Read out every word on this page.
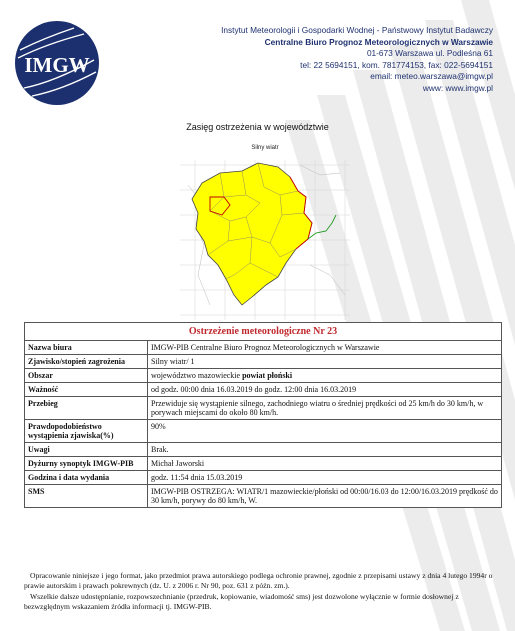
IMGW
Instytut Meteorologii i Gospodarki Wodnej - Państwowy Instytut Badawczy
Centralne Biuro Prognoz Meteorologicznych w Warszawie
01-673 Warszawa ul. Podleśna 61
tel: 22 5694151, kom. 781774153, fax: 022-5694151
email: meteo.warszawa@imgw.pl
www: www.imgw.pl
Zasięg ostrzeżenia w województwie
Silny wiatr
Ostrzeżenie meteorologiczne Nr 23	
Nazwa biura	IMGW-PIB Centralne Biuro Prognoz Meteorologicznych w Warszawie
Zjawisko/stopień zagrożenia	Silny wiatr/ 1
Obszar	województwo mazowieckie powiat płoński
Ważność	od godz. 00:00 dnia 16.03.2019 do godz. 12:00 dnia 16.03.2019
Przebieg	Przewiduje się wystąpienie silnego, zachodniego wiatru o średniej prędkości od 25 km/h do 30 km/h, w porywach miejscami do około 80 km/h.
Prawdopodobieństwo wystąpienia zjawiska(%)	90%
Uwagi	Brak.
Dyżurny synoptyk IMGW-PIB	Michał Jaworski
Godzina i data wydania	godz. 11:54 dnia 15.03.2019
SMS	IMGW-PIB OSTRZEGA: WIATR/1 mazowieckie/płoński od 00:00/16.03 do 12:00/16.03.2019 prędkość do 30 km/h, porywy do 80 km/h, W.

Opracowanie niniejsze i jego format, jako przedmiot prawa autorskiego podlega ochronie prawnej, zgodnie z przepisami ustawy z dnia 4 lutego 1994r o prawie autorskim i prawach pokrewnych (dz. U. z 2006 r. Nr 90, poz. 631 z późn. zm.).

Wszelkie dalsze udostępnianie, rozpowszechnianie (przedruk, kopiowanie, wiadomość sms) jest dozwolone wyłącznie w formie dosłownej z bezwzględnym wskazaniem źródła informacji tj. IMGW-PIB.
